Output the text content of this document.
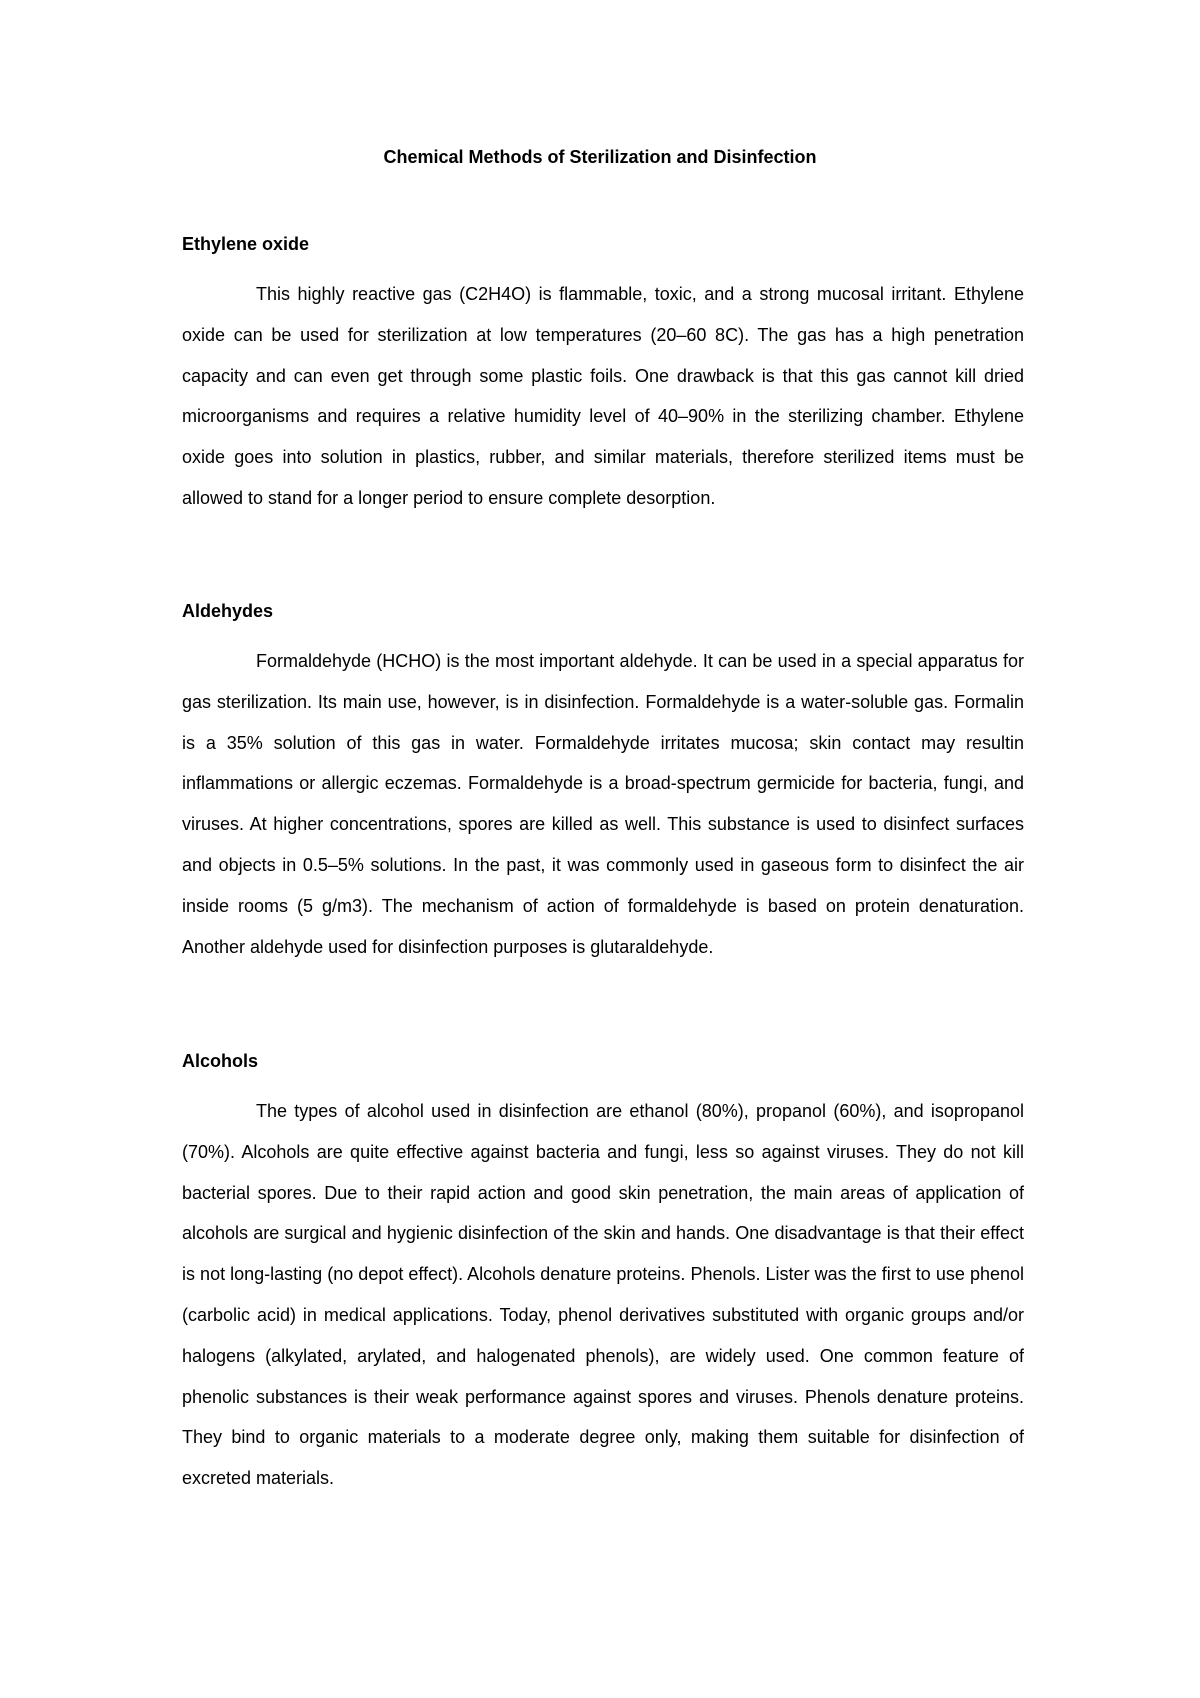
Chemical Methods of Sterilization and Disinfection
Ethylene oxide

This highly reactive gas (C2H4O) is flammable, toxic, and a strong mucosal irritant. Ethylene oxide can be used for sterilization at low temperatures (20–60 8C). The gas has a high penetration capacity and can even get through some plastic foils. One drawback is that this gas cannot kill dried microorganisms and requires a relative humidity level of 40–90% in the sterilizing chamber. Ethylene oxide goes into solution in plastics, rubber, and similar materials, therefore sterilized items must be allowed to stand for a longer period to ensure complete desorption.

Aldehydes

Formaldehyde (HCHO) is the most important aldehyde. It can be used in a special apparatus for gas sterilization. Its main use, however, is in disinfection. Formaldehyde is a water-soluble gas. Formalin is a 35% solution of this gas in water. Formaldehyde irritates mucosa; skin contact may resultin inflammations or allergic eczemas. Formaldehyde is a broad-spectrum germicide for bacteria, fungi, and viruses. At higher concentrations, spores are killed as well. This substance is used to disinfect surfaces and objects in 0.5–5% solutions. In the past, it was commonly used in gaseous form to disinfect the air inside rooms (5 g/m3). The mechanism of action of formaldehyde is based on protein denaturation. Another aldehyde used for disinfection purposes is glutaraldehyde.

Alcohols

The types of alcohol used in disinfection are ethanol (80%), propanol (60%), and isopropanol (70%). Alcohols are quite effective against bacteria and fungi, less so against viruses. They do not kill bacterial spores. Due to their rapid action and good skin penetration, the main areas of application of alcohols are surgical and hygienic disinfection of the skin and hands. One disadvantage is that their effect is not long-lasting (no depot effect). Alcohols denature proteins. Phenols. Lister was the first to use phenol (carbolic acid) in medical applications. Today, phenol derivatives substituted with organic groups and/or halogens (alkylated, arylated, and halogenated phenols), are widely used. One common feature of phenolic substances is their weak performance against spores and viruses. Phenols denature proteins. They bind to organic materials to a moderate degree only, making them suitable for disinfection of excreted materials.
